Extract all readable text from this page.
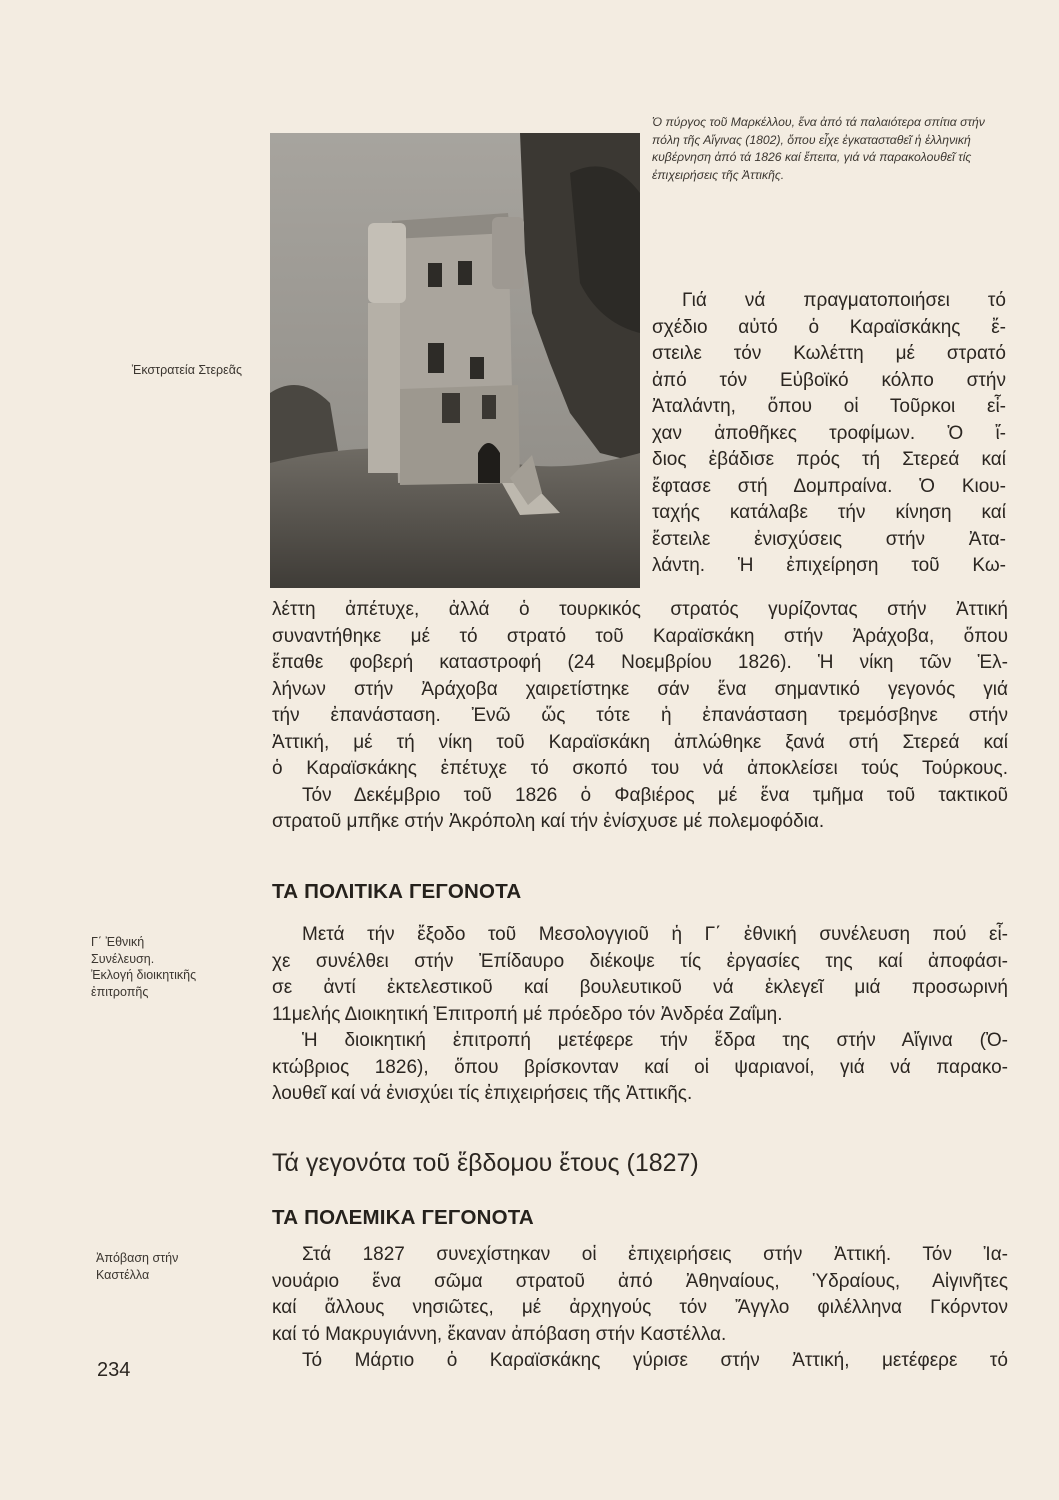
Ὁ πύργος τοῦ Μαρκέλλου, ἕνα ἀπό τά παλαιότερα σπίτια στήν πόλη τῆς Αἴγινας (1802), ὅπου εἶχε ἐγκατασταθεῖ ἡ ἑλληνική κυβέρνηση ἀπό τά 1826 καί ἔπειτα, γιά νά παρακολουθεῖ τίς ἐπιχειρήσεις τῆς Ἀττικῆς.
Ἐκστρατεία Στερεᾶς
Γ΄ Ἐθνική
Συνέλευση.
Ἐκλογή διοικητικῆς
ἐπιτροπῆς
Ἀπόβαση στήν
Καστέλλα
Γιά νά πραγματοποιήσει τό
σχέδιο αὐτό ὁ Καραϊσκάκης ἔ-
στειλε τόν Κωλέττη μέ στρατό
ἀπό τόν Εὐβοϊκό κόλπο στήν
Ἀταλάντη, ὅπου οἱ Τοῦρκοι εἶ-
χαν ἀποθῆκες τροφίμων. Ὁ ἴ-
διος ἐβάδισε πρός τή Στερεά καί
ἔφτασε στή Δομπραίνα. Ὁ Κιου-
ταχής κατάλαβε τήν κίνηση καί
ἔστειλε ἐνισχύσεις στήν Ἀτα-
λάντη. Ἡ ἐπιχείρηση τοῦ Κω-
λέττη ἀπέτυχε, ἀλλά ὁ τουρκικός στρατός γυρίζοντας στήν Ἀττική
συναντήθηκε μέ τό στρατό τοῦ Καραϊσκάκη στήν Ἀράχοβα, ὅπου
ἔπαθε φοβερή καταστροφή (24 Νοεμβρίου 1826). Ἡ νίκη τῶν Ἑλ-
λήνων στήν Ἀράχοβα χαιρετίστηκε σάν ἕνα σημαντικό γεγονός γιά
τήν ἐπανάσταση. Ἐνῶ ὥς τότε ἡ ἐπανάσταση τρεμόσβηνε στήν
Ἀττική, μέ τή νίκη τοῦ Καραϊσκάκη ἁπλώθηκε ξανά στή Στερεά καί
ὁ Καραϊσκάκης ἐπέτυχε τό σκοπό του νά ἀποκλείσει τούς Τούρκους.
Τόν Δεκέμβριο τοῦ 1826 ὁ Φαβιέρος μέ ἕνα τμῆμα τοῦ τακτικοῦ
στρατοῦ μπῆκε στήν Ἀκρόπολη καί τήν ἐνίσχυσε μέ πολεμοφόδια.
ΤΑ ΠΟΛΙΤΙΚΑ ΓΕΓΟΝΟΤΑ
Μετά τήν ἔξοδο τοῦ Μεσολογγιοῦ ἡ Γ΄ ἐθνική συνέλευση πού εἶ-
χε συνέλθει στήν Ἐπίδαυρο διέκοψε τίς ἐργασίες της καί ἀποφάσι-
σε ἀντί ἐκτελεστικοῦ καί βουλευτικοῦ νά ἐκλεγεῖ μιά προσωρινή
11μελής Διοικητική Ἐπιτροπή μέ πρόεδρο τόν Ἀνδρέα Ζαΐμη.
Ἡ διοικητική ἐπιτροπή μετέφερε τήν ἕδρα της στήν Αἴγινα (Ὀ-
κτώβριος 1826), ὅπου βρίσκονταν καί οἱ ψαριανοί, γιά νά παρακο-
λουθεῖ καί νά ἐνισχύει τίς ἐπιχειρήσεις τῆς Ἀττικῆς.
Τά γεγονότα τοῦ ἕβδομου ἔτους (1827)
ΤΑ ΠΟΛΕΜΙΚΑ ΓΕΓΟΝΟΤΑ
Στά 1827 συνεχίστηκαν οἱ ἐπιχειρήσεις στήν Ἀττική. Τόν Ἰα-
νουάριο ἕνα σῶμα στρατοῦ ἀπό Ἀθηναίους, Ὑδραίους, Αἰγινῆτες
καί ἄλλους νησιῶτες, μέ ἀρχηγούς τόν Ἄγγλο φιλέλληνα Γκόρντον
καί τό Μακρυγιάννη, ἔκαναν ἀπόβαση στήν Καστέλλα.
Τό Μάρτιο ὁ Καραϊσκάκης γύρισε στήν Ἀττική, μετέφερε τό
234
